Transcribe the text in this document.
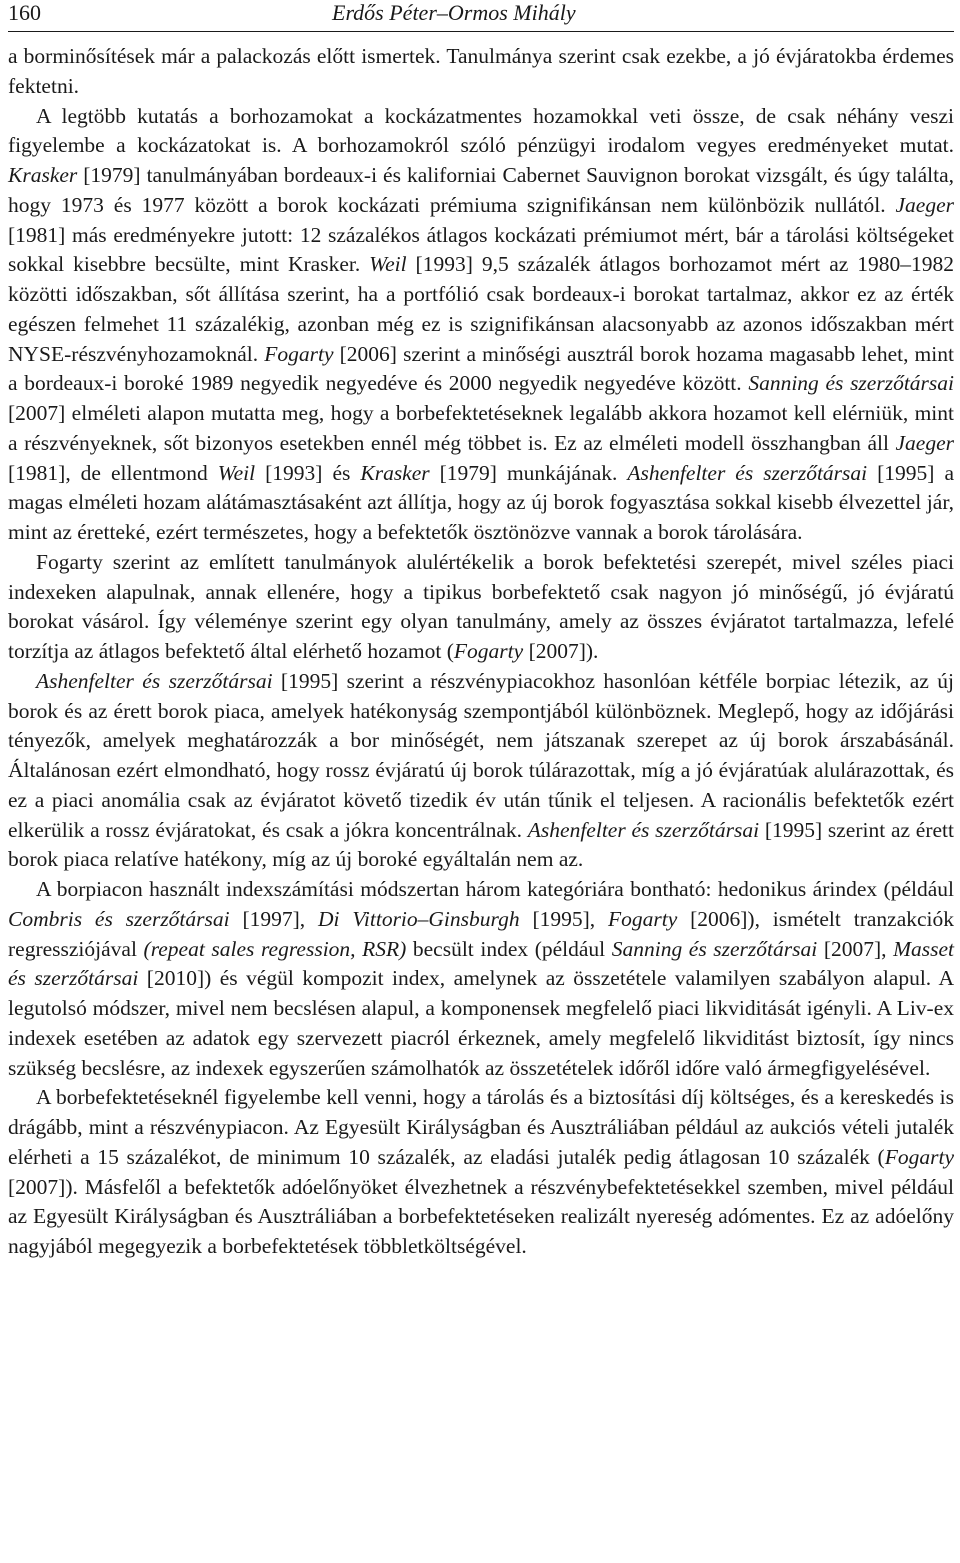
160	Erdős Péter–Ormos Mihály

a borminősítések már a palackozás előtt ismertek. Tanulmánya szerint csak ezekbe, a jó évjáratokba érdemes fektetni.

A legtöbb kutatás a borhozamokat a kockázatmentes hozamokkal veti össze, de csak néhány veszi figyelembe a kockázatokat is. A borhozamokról szóló pénzügyi irodalom vegyes eredményeket mutat. Krasker [1979] tanulmányában bordeaux-i és kaliforniai Cabernet Sauvignon borokat vizsgált, és úgy találta, hogy 1973 és 1977 között a borok kockázati prémiuma szignifikánsan nem különbözik nullától. Jaeger [1981] más eredményekre jutott: 12 százalékos átlagos kockázati prémiumot mért, bár a tárolási költségeket sokkal kisebbre becsülte, mint Krasker. Weil [1993] 9,5 százalék átlagos borhozamot mért az 1980–1982 közötti időszakban, sőt állítása szerint, ha a portfólió csak bordeaux-i borokat tartalmaz, akkor ez az érték egészen felmehet 11 százalékig, azonban még ez is szignifikánsan alacsonyabb az azonos időszakban mért NYSE-részvényhozamoknál. Fogarty [2006] szerint a minőségi ausztrál borok hozama magasabb lehet, mint a bordeaux-i boroké 1989 negyedik negyedéve és 2000 negyedik negyedéve között. Sanning és szerzőtársai [2007] elméleti alapon mutatta meg, hogy a borbefektetéseknek legalább akkora hozamot kell elérniük, mint a részvényeknek, sőt bizonyos esetekben ennél még többet is. Ez az elméleti modell összhangban áll Jaeger [1981], de ellentmond Weil [1993] és Krasker [1979] munkájának. Ashenfelter és szerzőtársai [1995] a magas elméleti hozam alátámasztásaként azt állítja, hogy az új borok fogyasztása sokkal kisebb élvezettel jár, mint az éretteké, ezért természetes, hogy a befektetők ösztönözve vannak a borok tárolására.

Fogarty szerint az említett tanulmányok alulértékelik a borok befektetési szerepét, mivel széles piaci indexeken alapulnak, annak ellenére, hogy a tipikus borbefektető csak nagyon jó minőségű, jó évjáratú borokat vásárol. Így véleménye szerint egy olyan tanulmány, amely az összes évjáratot tartalmazza, lefelé torzítja az átlagos befektető által elérhető hozamot (Fogarty [2007]).

Ashenfelter és szerzőtársai [1995] szerint a részvénypiacokhoz hasonlóan kétféle borpiac létezik, az új borok és az érett borok piaca, amelyek hatékonyság szempontjából különböznek. Meglepő, hogy az időjárási tényezők, amelyek meghatározzák a bor minőségét, nem játszanak szerepet az új borok árszabásánál. Általánosan ezért elmondható, hogy rossz évjáratú új borok túlárazottak, míg a jó évjáratúak alulárazottak, és ez a piaci anomália csak az évjáratot követő tizedik év után tűnik el teljesen. A racionális befektetők ezért elkerülik a rossz évjáratokat, és csak a jókra koncentrálnak. Ashenfelter és szerzőtársai [1995] szerint az érett borok piaca relatíve hatékony, míg az új boroké egyáltalán nem az.

A borpiacon használt indexszámítási módszertan három kategóriára bontható: hedonikus árindex (például Combris és szerzőtársai [1997], Di Vittorio–Ginsburgh [1995], Fogarty [2006]), ismételt tranzakciók regressziójával (repeat sales regression, RSR) becsült index (például Sanning és szerzőtársai [2007], Masset és szerzőtársai [2010]) és végül kompozit index, amelynek az összetétele valamilyen szabályon alapul. A legutolsó módszer, mivel nem becslésen alapul, a komponensek megfelelő piaci likviditását igényli. A Liv-ex indexek esetében az adatok egy szervezett piacról érkeznek, amely megfelelő likviditást biztosít, így nincs szükség becslésre, az indexek egyszerűen számolhatók az összetételek időről időre való ármegfigyelésével.

A borbefektetéseknél figyelembe kell venni, hogy a tárolás és a biztosítási díj költséges, és a kereskedés is drágább, mint a részvénypiacon. Az Egyesült Királyságban és Ausztráliában például az aukciós vételi jutalék elérheti a 15 százalékot, de minimum 10 százalék, az eladási jutalék pedig átlagosan 10 százalék (Fogarty [2007]). Másfelől a befektetők adóelőnyöket élvezhetnek a részvénybefektetésekkel szemben, mivel például az Egyesült Királyságban és Ausztráliában a borbefektetéseken realizált nyereség adómentes. Ez az adóelőny nagyjából megegyezik a borbefektetések többletköltségével.
